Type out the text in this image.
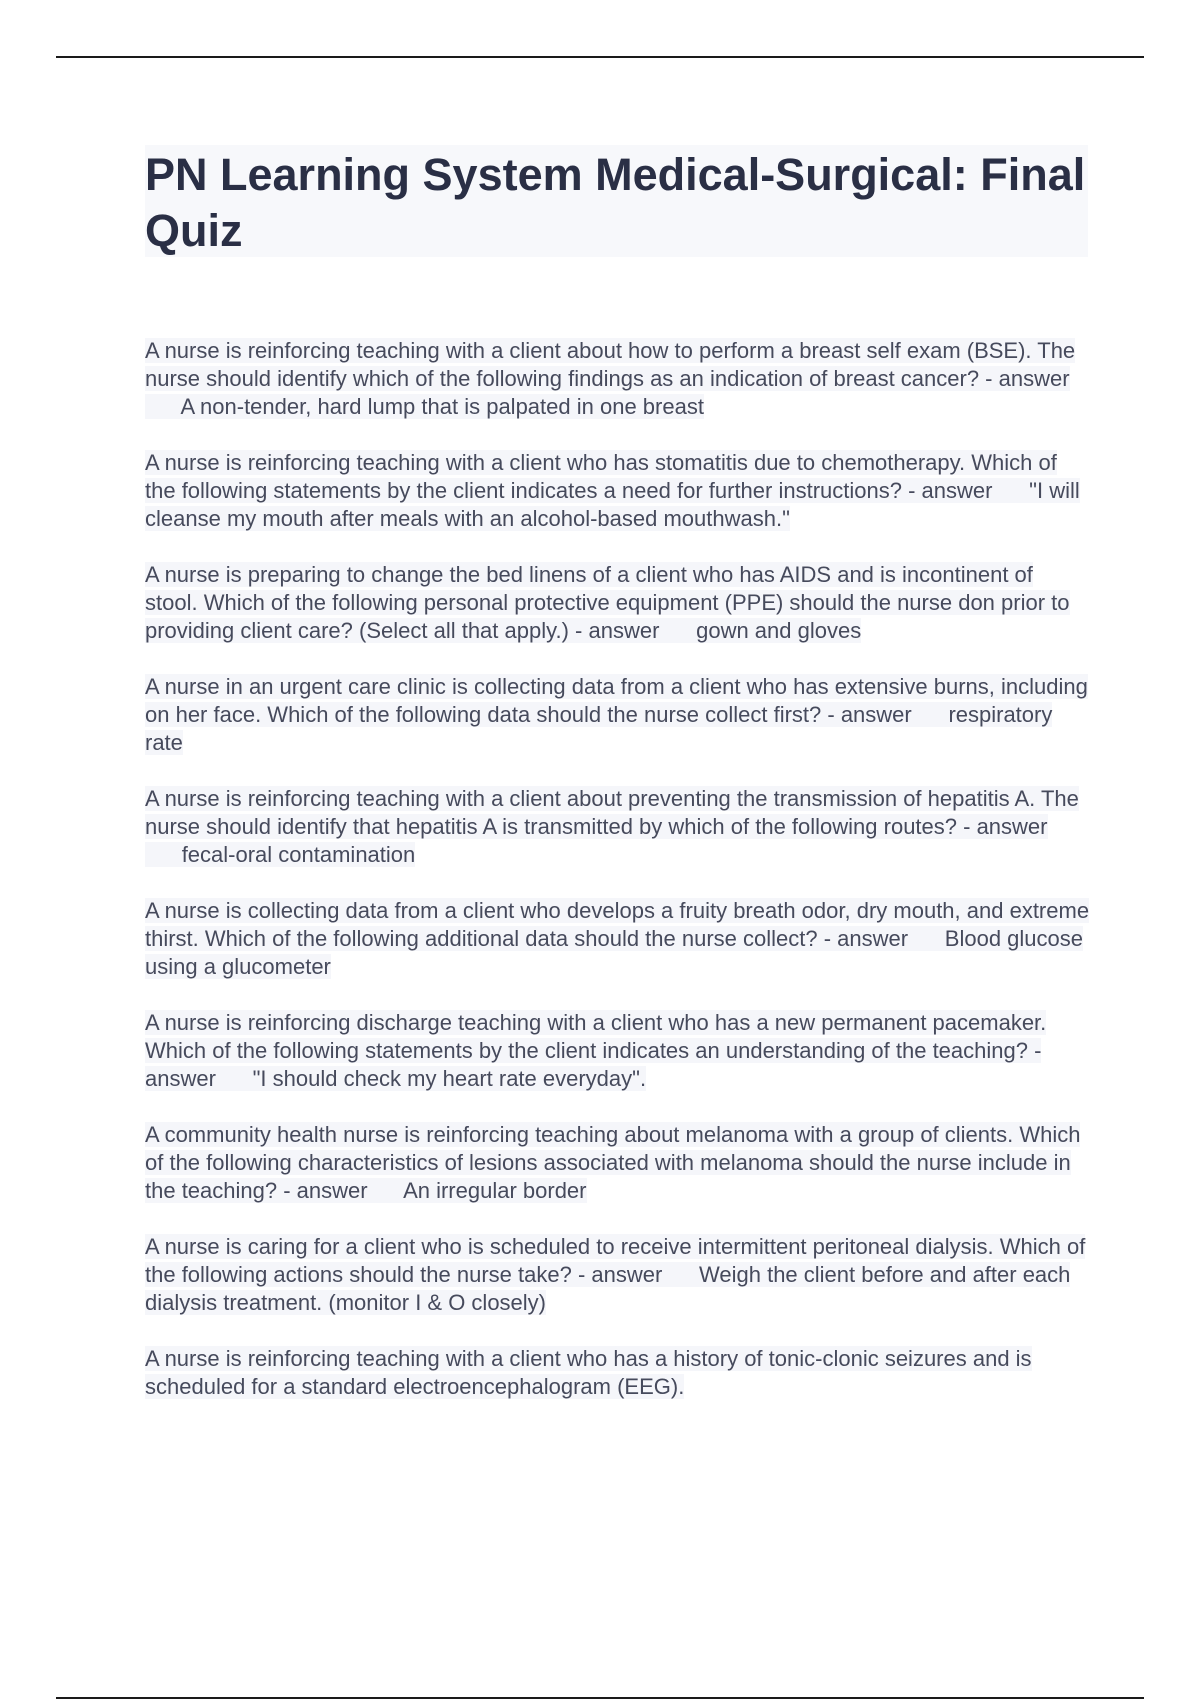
PN Learning System Medical-Surgical: Final Quiz

A nurse is reinforcing teaching with a client about how to perform a breast self exam (BSE). The nurse should identify which of the following findings as an indication of breast cancer? - answer      A non-tender, hard lump that is palpated in one breast

A nurse is reinforcing teaching with a client who has stomatitis due to chemotherapy. Which of the following statements by the client indicates a need for further instructions? - answer "I will cleanse my mouth after meals with an alcohol-based mouthwash."

A nurse is preparing to change the bed linens of a client who has AIDS and is incontinent of stool. Which of the following personal protective equipment (PPE) should the nurse don prior to providing client care? (Select all that apply.) - answer gown and gloves

A nurse in an urgent care clinic is collecting data from a client who has extensive burns, including on her face. Which of the following data should the nurse collect first? - answer respiratory rate

A nurse is reinforcing teaching with a client about preventing the transmission of hepatitis A. The nurse should identify that hepatitis A is transmitted by which of the following routes? - answer      fecal-oral contamination

A nurse is collecting data from a client who develops a fruity breath odor, dry mouth, and extreme thirst. Which of the following additional data should the nurse collect? - answer Blood glucose using a glucometer

A nurse is reinforcing discharge teaching with a client who has a new permanent pacemaker. Which of the following statements by the client indicates an understanding of the teaching? - answer "I should check my heart rate everyday".

A community health nurse is reinforcing teaching about melanoma with a group of clients. Which of the following characteristics of lesions associated with melanoma should the nurse include in the teaching? - answer An irregular border

A nurse is caring for a client who is scheduled to receive intermittent peritoneal dialysis. Which of the following actions should the nurse take? - answer Weigh the client before and after each dialysis treatment. (monitor I & O closely)

A nurse is reinforcing teaching with a client who has a history of tonic-clonic seizures and is scheduled for a standard electroencephalogram (EEG).
